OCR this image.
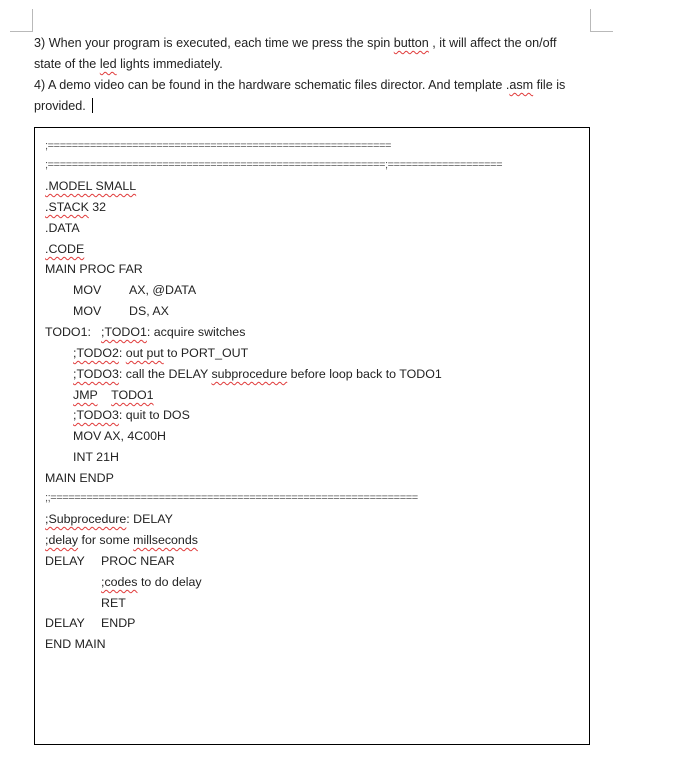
3) When your program is executed, each time we press the spin button , it will affect the on/off
state of the led lights immediately.
4) A demo video can be found in the hardware schematic files director. And template .asm file is
provided.
;=========================================================
;========================================================;===================
.MODEL SMALL
.STACK 32
.DATA
.CODE
MAIN PROC FAR
MOV AX, @DATA
MOV DS, AX
TODO1: ;TODO1: acquire switches
;TODO2: out put to PORT_OUT
;TODO3: call the DELAY subprocedure before loop back to TODO1
JMP TODO1
;TODO3: quit to DOS
MOV AX, 4C00H
INT 21H
MAIN ENDP
;;=============================================================
;Subprocedure: DELAY
;delay for some millseconds
DELAY PROC NEAR
;codes to do delay
RET
DELAY ENDP
END MAIN
